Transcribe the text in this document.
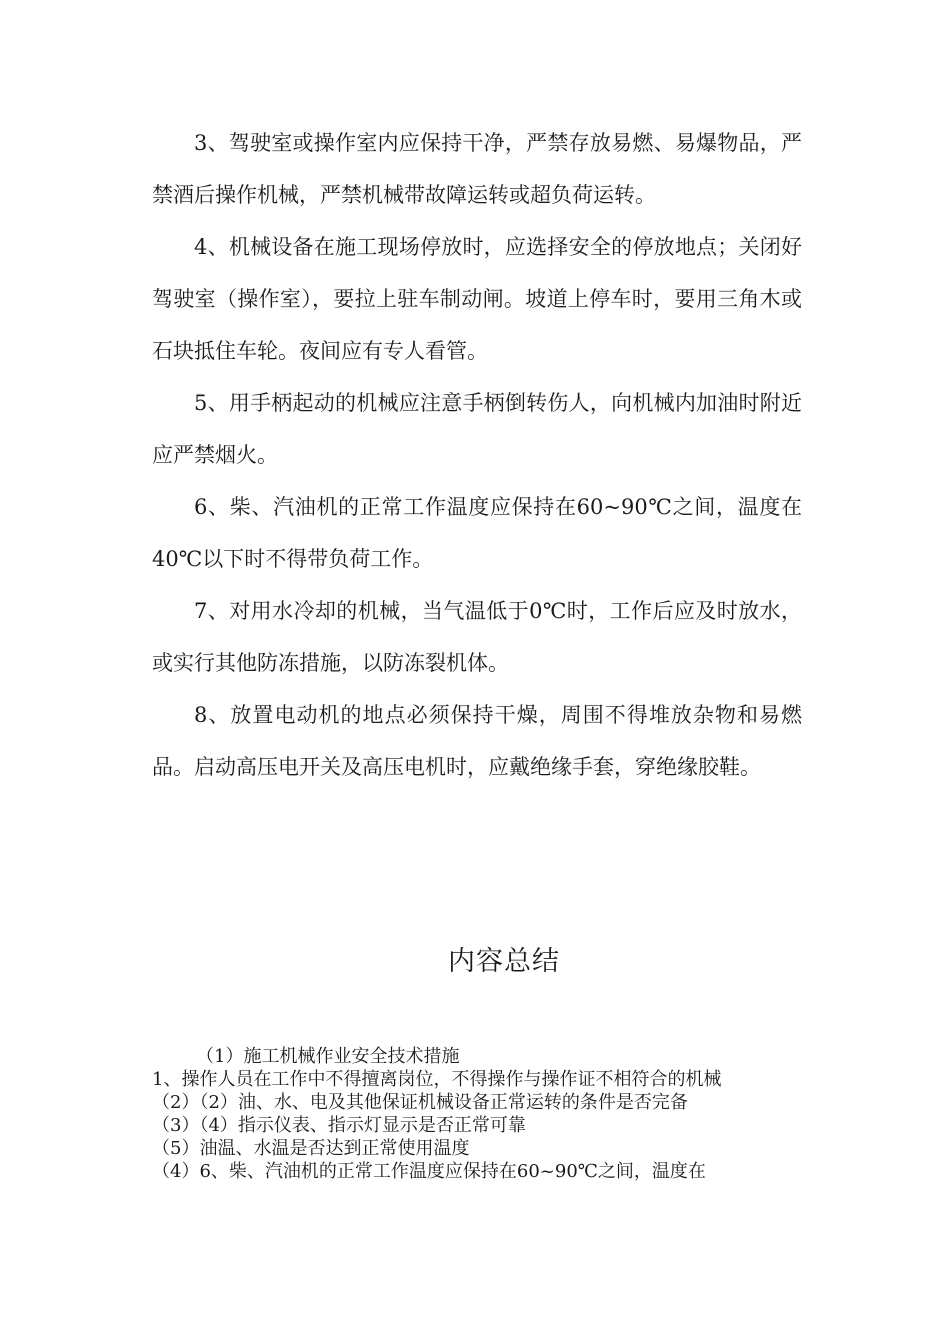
3、驾驶室或操作室内应保持干净，严禁存放易燃、易爆物品，严禁酒后操作机械，严禁机械带故障运转或超负荷运转。

4、机械设备在施工现场停放时，应选择安全的停放地点；关闭好驾驶室（操作室），要拉上驻车制动闸。坡道上停车时，要用三角木或石块抵住车轮。夜间应有专人看管。

5、用手柄起动的机械应注意手柄倒转伤人，向机械内加油时附近应严禁烟火。

6、柴、汽油机的正常工作温度应保持在60~90℃之间，温度在40℃以下时不得带负荷工作。

7、对用水冷却的机械，当气温低于0℃时，工作后应及时放水，或实行其他防冻措施，以防冻裂机体。

8、放置电动机的地点必须保持干燥，周围不得堆放杂物和易燃品。启动高压电开关及高压电机时，应戴绝缘手套，穿绝缘胶鞋。

内容总结
（1）施工机械作业安全技术措施
1、操作人员在工作中不得擅离岗位，不得操作与操作证不相符合的机械
（2）（2）油、水、电及其他保证机械设备正常运转的条件是否完备
（3）（4）指示仪表、指示灯显示是否正常可靠
（5）油温、水温是否达到正常使用温度
（4）6、柴、汽油机的正常工作温度应保持在60~90℃之间，温度在
